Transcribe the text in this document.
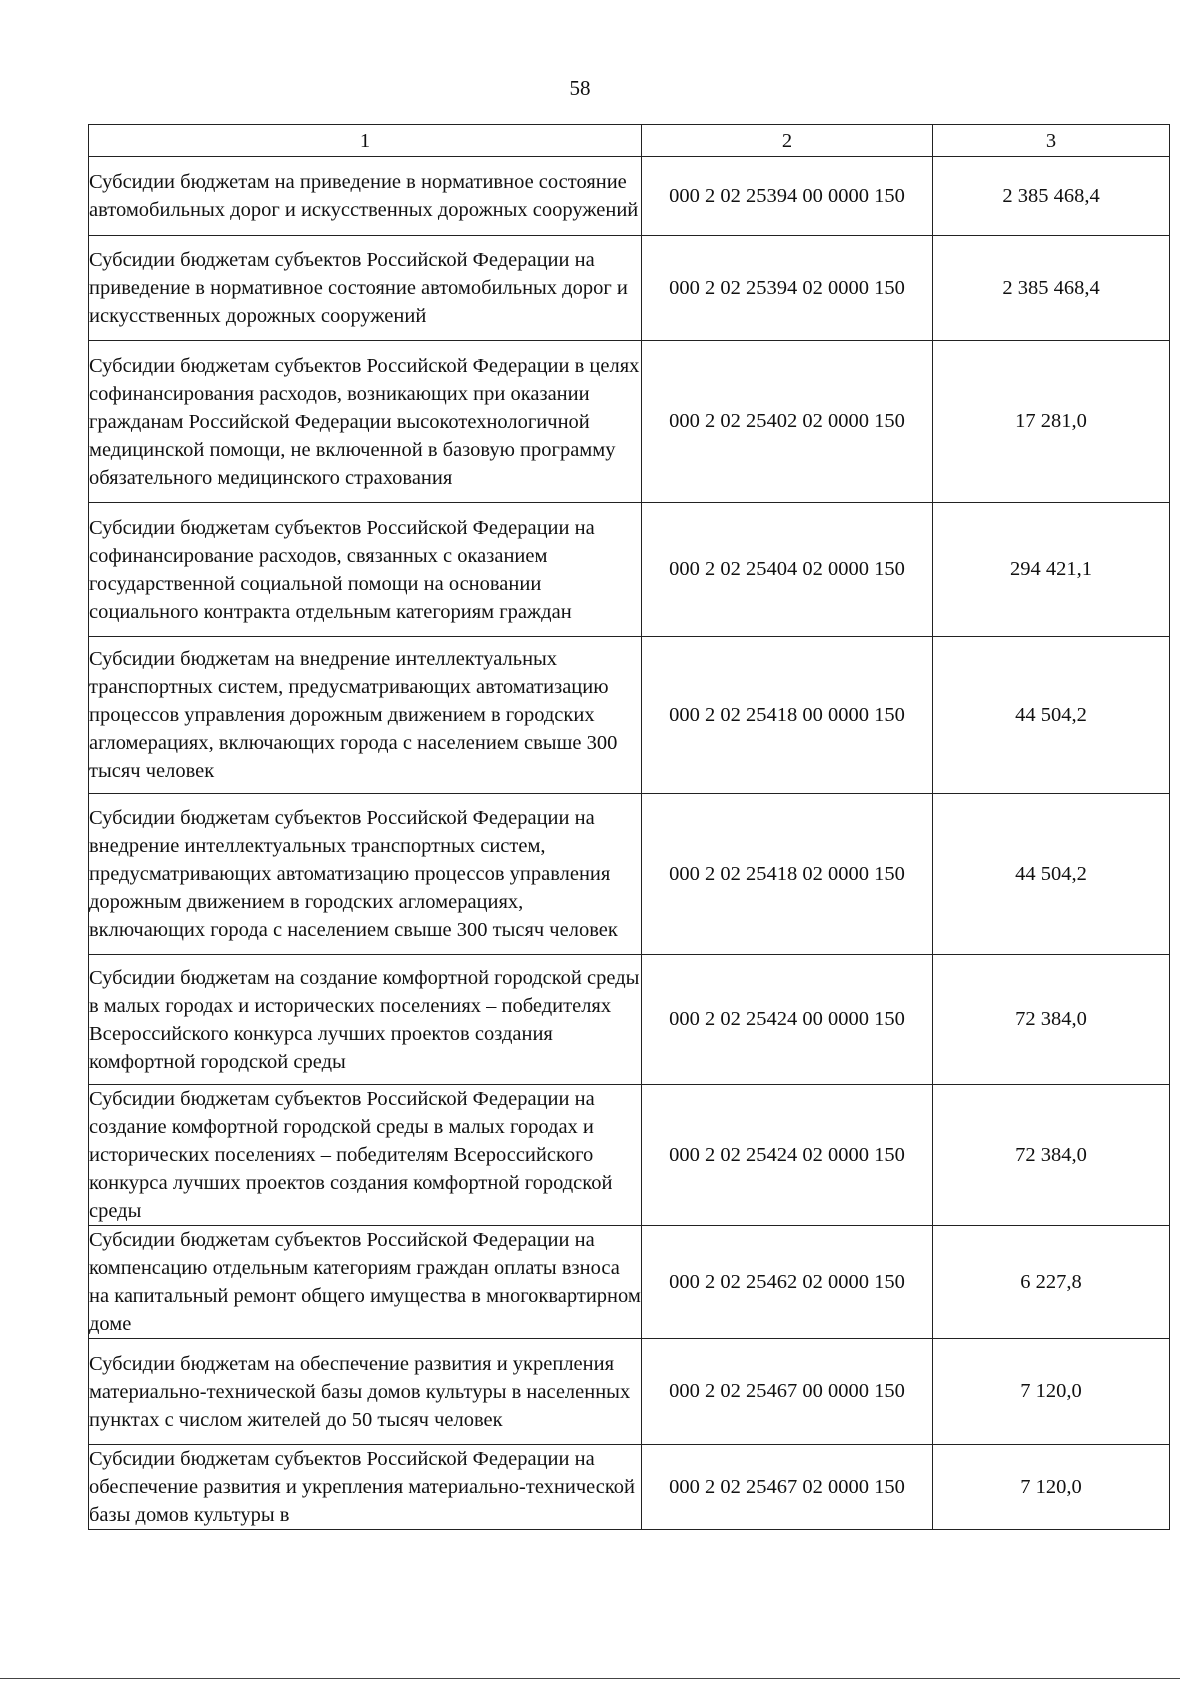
58
1	2	3
Субсидии бюджетам на приведение в нормативное состояние автомобильных дорог и искусственных дорожных сооружений	000 2 02 25394 00 0000 150	2 385 468,4
Субсидии бюджетам субъектов Российской Федерации на приведение в нормативное состояние автомобильных дорог и искусственных дорожных сооружений	000 2 02 25394 02 0000 150	2 385 468,4
Субсидии бюджетам субъектов Российской Федерации в целях софинансирования расходов, возникающих при оказании гражданам Российской Федерации высокотехнологичной медицинской помощи, не включенной в базовую программу обязательного медицинского страхования	000 2 02 25402 02 0000 150	17 281,0
Субсидии бюджетам субъектов Российской Федерации на софинансирование расходов, связанных с оказанием государственной социальной помощи на основании социального контракта отдельным категориям граждан	000 2 02 25404 02 0000 150	294 421,1
Субсидии бюджетам на внедрение интеллектуальных транспортных систем, предусматривающих автоматизацию процессов управления дорожным движением в городских агломерациях, включающих города с населением свыше 300 тысяч человек	000 2 02 25418 00 0000 150	44 504,2
Субсидии бюджетам субъектов Российской Федерации на внедрение интеллектуальных транспортных систем, предусматривающих автоматизацию процессов управления дорожным движением в городских агломерациях, включающих города с населением свыше 300 тысяч человек	000 2 02 25418 02 0000 150	44 504,2
Субсидии бюджетам на создание комфортной городской среды в малых городах и исторических поселениях – победителях Всероссийского конкурса лучших проектов создания комфортной городской среды	000 2 02 25424 00 0000 150	72 384,0
Субсидии бюджетам субъектов Российской Федерации на создание комфортной городской среды в малых городах и исторических поселениях – победителям Всероссийского конкурса лучших проектов создания комфортной городской среды	000 2 02 25424 02 0000 150	72 384,0
Субсидии бюджетам субъектов Российской Федерации на компенсацию отдельным категориям граждан оплаты взноса на капитальный ремонт общего имущества в многоквартирном доме	000 2 02 25462 02 0000 150	6 227,8
Субсидии бюджетам на обеспечение развития и укрепления материально-технической базы домов культуры в населенных пунктах с числом жителей до 50 тысяч человек	000 2 02 25467 00 0000 150	7 120,0
Субсидии бюджетам субъектов Российской Федерации на обеспечение развития и укрепления материально-технической базы домов культуры в	000 2 02 25467 02 0000 150	7 120,0
